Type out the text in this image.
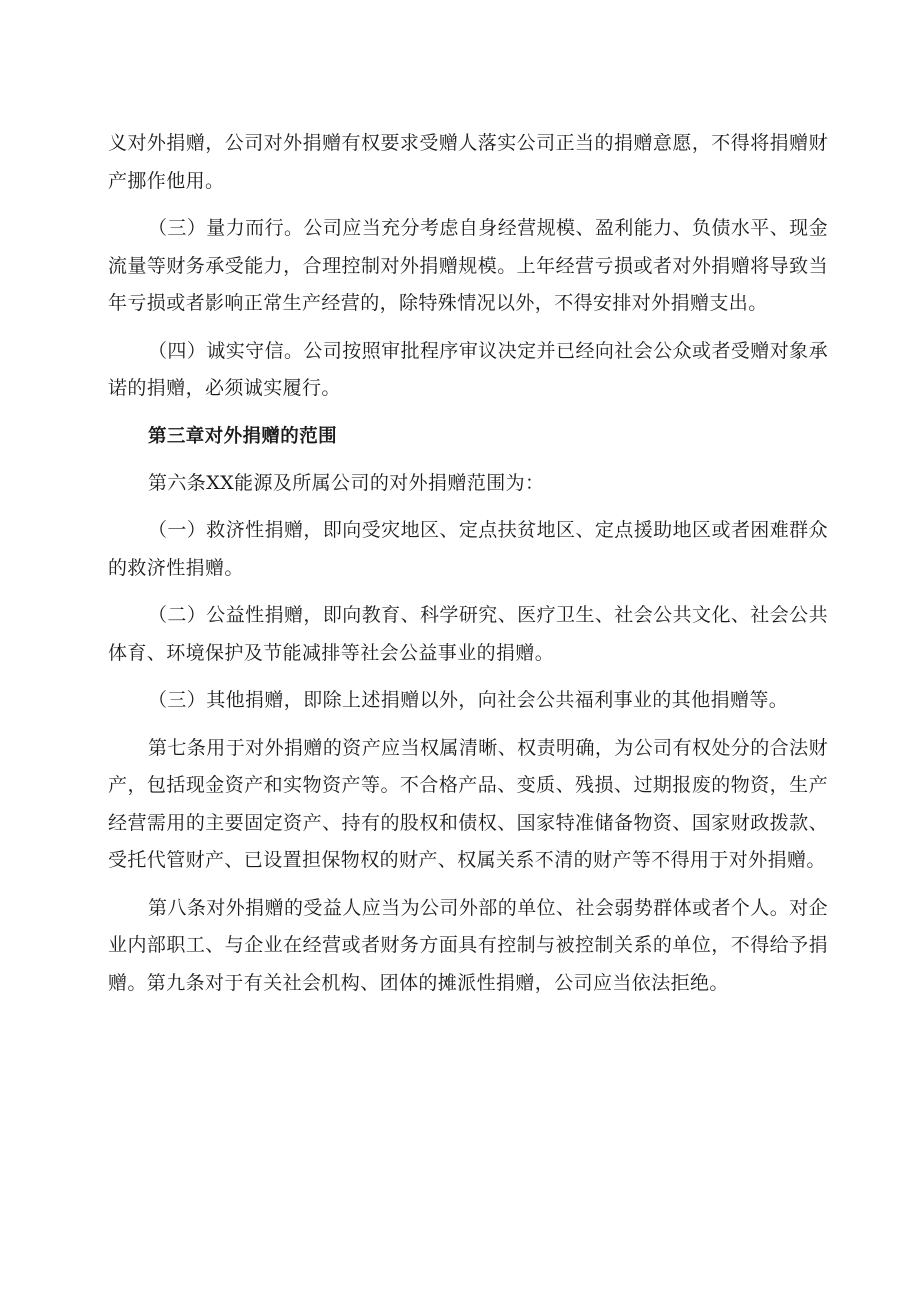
义对外捐赠，公司对外捐赠有权要求受赠人落实公司正当的捐赠意愿，不得将捐赠财产挪作他用。

（三）量力而行。公司应当充分考虑自身经营规模、盈利能力、负债水平、现金流量等财务承受能力，合理控制对外捐赠规模。上年经营亏损或者对外捐赠将导致当年亏损或者影响正常生产经营的，除特殊情况以外，不得安排对外捐赠支出。

（四）诚实守信。公司按照审批程序审议决定并已经向社会公众或者受赠对象承诺的捐赠，必须诚实履行。

第三章对外捐赠的范围

第六条XX能源及所属公司的对外捐赠范围为：

（一）救济性捐赠，即向受灾地区、定点扶贫地区、定点援助地区或者困难群众的救济性捐赠。

（二）公益性捐赠，即向教育、科学研究、医疗卫生、社会公共文化、社会公共体育、环境保护及节能减排等社会公益事业的捐赠。

（三）其他捐赠，即除上述捐赠以外，向社会公共福利事业的其他捐赠等。

第七条用于对外捐赠的资产应当权属清晰、权责明确，为公司有权处分的合法财产，包括现金资产和实物资产等。不合格产品、变质、残损、过期报废的物资，生产经营需用的主要固定资产、持有的股权和债权、国家特准储备物资、国家财政拨款、受托代管财产、已设置担保物权的财产、权属关系不清的财产等不得用于对外捐赠。

第八条对外捐赠的受益人应当为公司外部的单位、社会弱势群体或者个人。对企业内部职工、与企业在经营或者财务方面具有控制与被控制关系的单位，不得给予捐赠。第九条对于有关社会机构、团体的摊派性捐赠，公司应当依法拒绝。
